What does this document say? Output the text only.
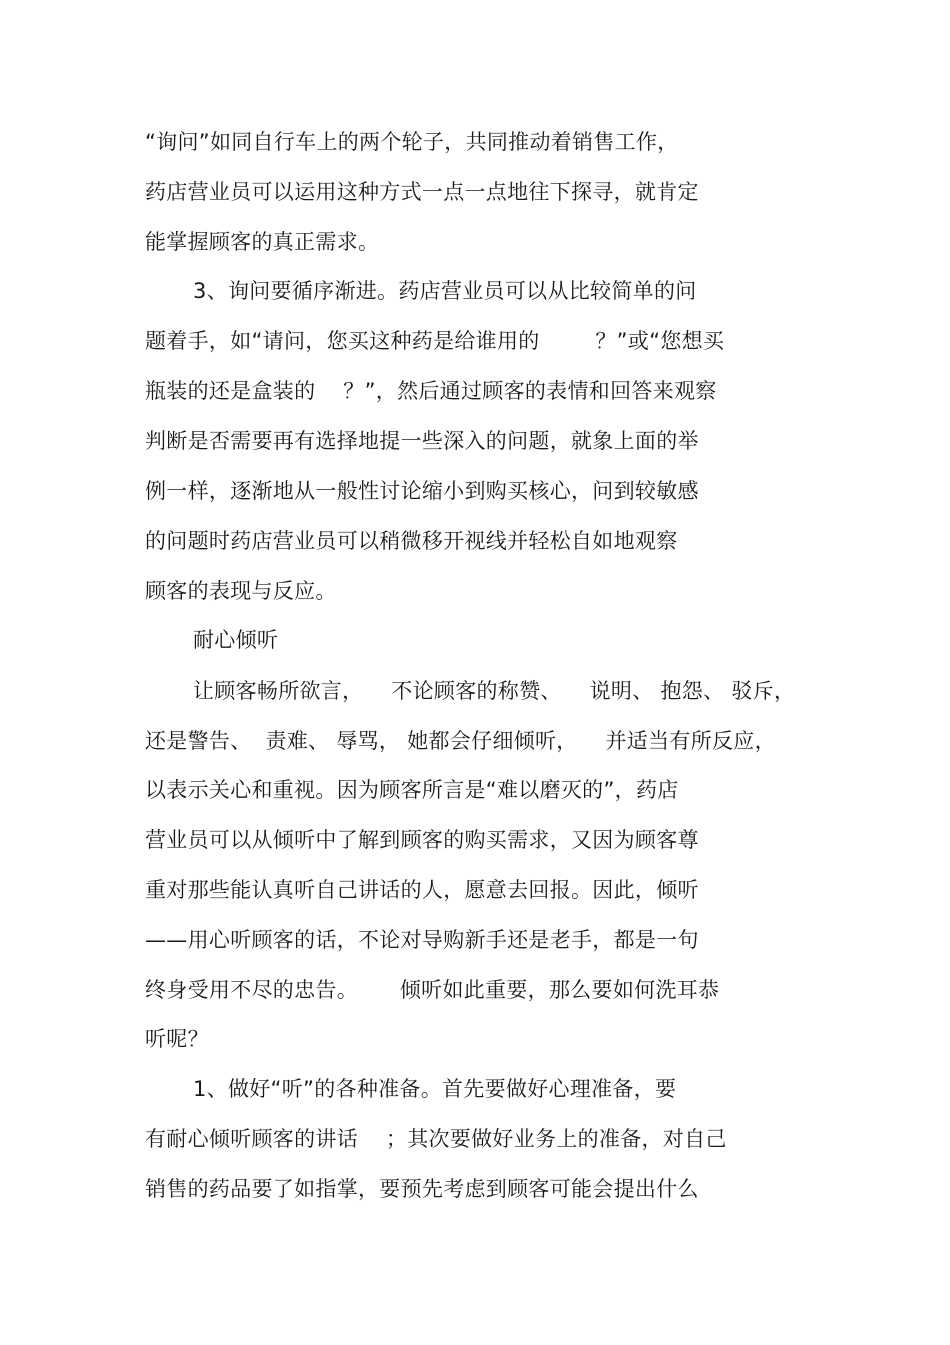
“询问”如同自行车上的两个轮子，共同推动着销售工作，
药店营业员可以运用这种方式一点一点地往下探寻，就肯定
能掌握顾客的真正需求。
3、询问要循序渐进。药店营业员可以从比较简单的问
题着手，如“请问，您买这种药是给谁用的        ？”或“您想买
瓶装的还是盒装的    ？”，然后通过顾客的表情和回答来观察
判断是否需要再有选择地提一些深入的问题，就象上面的举
例一样，逐渐地从一般性讨论缩小到购买核心，问到较敏感
的问题时药店营业员可以稍微移开视线并轻松自如地观察
顾客的表现与反应。
耐心倾听
让顾客畅所欲言，    不论顾客的称赞、    说明、 抱怨、 驳斥，
还是警告、  责难、 辱骂， 她都会仔细倾听，    并适当有所反应，
以表示关心和重视。因为顾客所言是“难以磨灭的”，药店
营业员可以从倾听中了解到顾客的购买需求，又因为顾客尊
重对那些能认真听自己讲话的人，愿意去回报。因此，倾听
——用心听顾客的话，不论对导购新手还是老手，都是一句
终身受用不尽的忠告。      倾听如此重要，那么要如何洗耳恭
听呢？
1、做好“听”的各种准备。首先要做好心理准备，要
有耐心倾听顾客的讲话    ；其次要做好业务上的准备，对自己
销售的药品要了如指掌，要预先考虑到顾客可能会提出什么
